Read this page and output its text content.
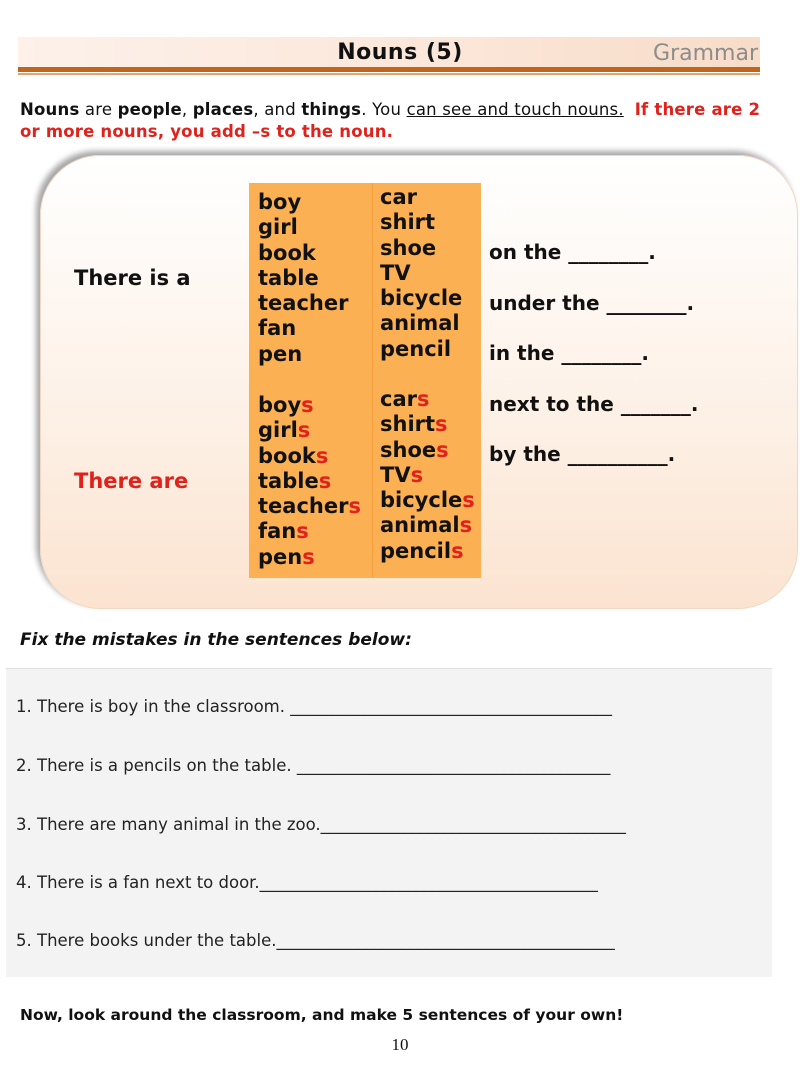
Nouns (5)	Grammar
Nouns are people, places, and things. You can see and touch nouns. If there are 2 or more nouns, you add –s to the noun.
There is a
There are
boy
girl
book
table
teacher
fan
pen
car
shirt
shoe
TV
bicycle
animal
pencil
boys
girls
books
tables
teachers
fans
pens
cars
shirts
shoes
TVs
bicycles
animals
pencils
on the ________.
under the ________.
in the ________.
next to the _______.
by the __________.
Fix the mistakes in the sentences below:
1. There is boy in the classroom. _______________________________________
2. There is a pencils on the table. ______________________________________
3. There are many animal in the zoo._____________________________________
4. There is a fan next to door._________________________________________
5. There books under the table._________________________________________
Now, look around the classroom, and make 5 sentences of your own!
10
